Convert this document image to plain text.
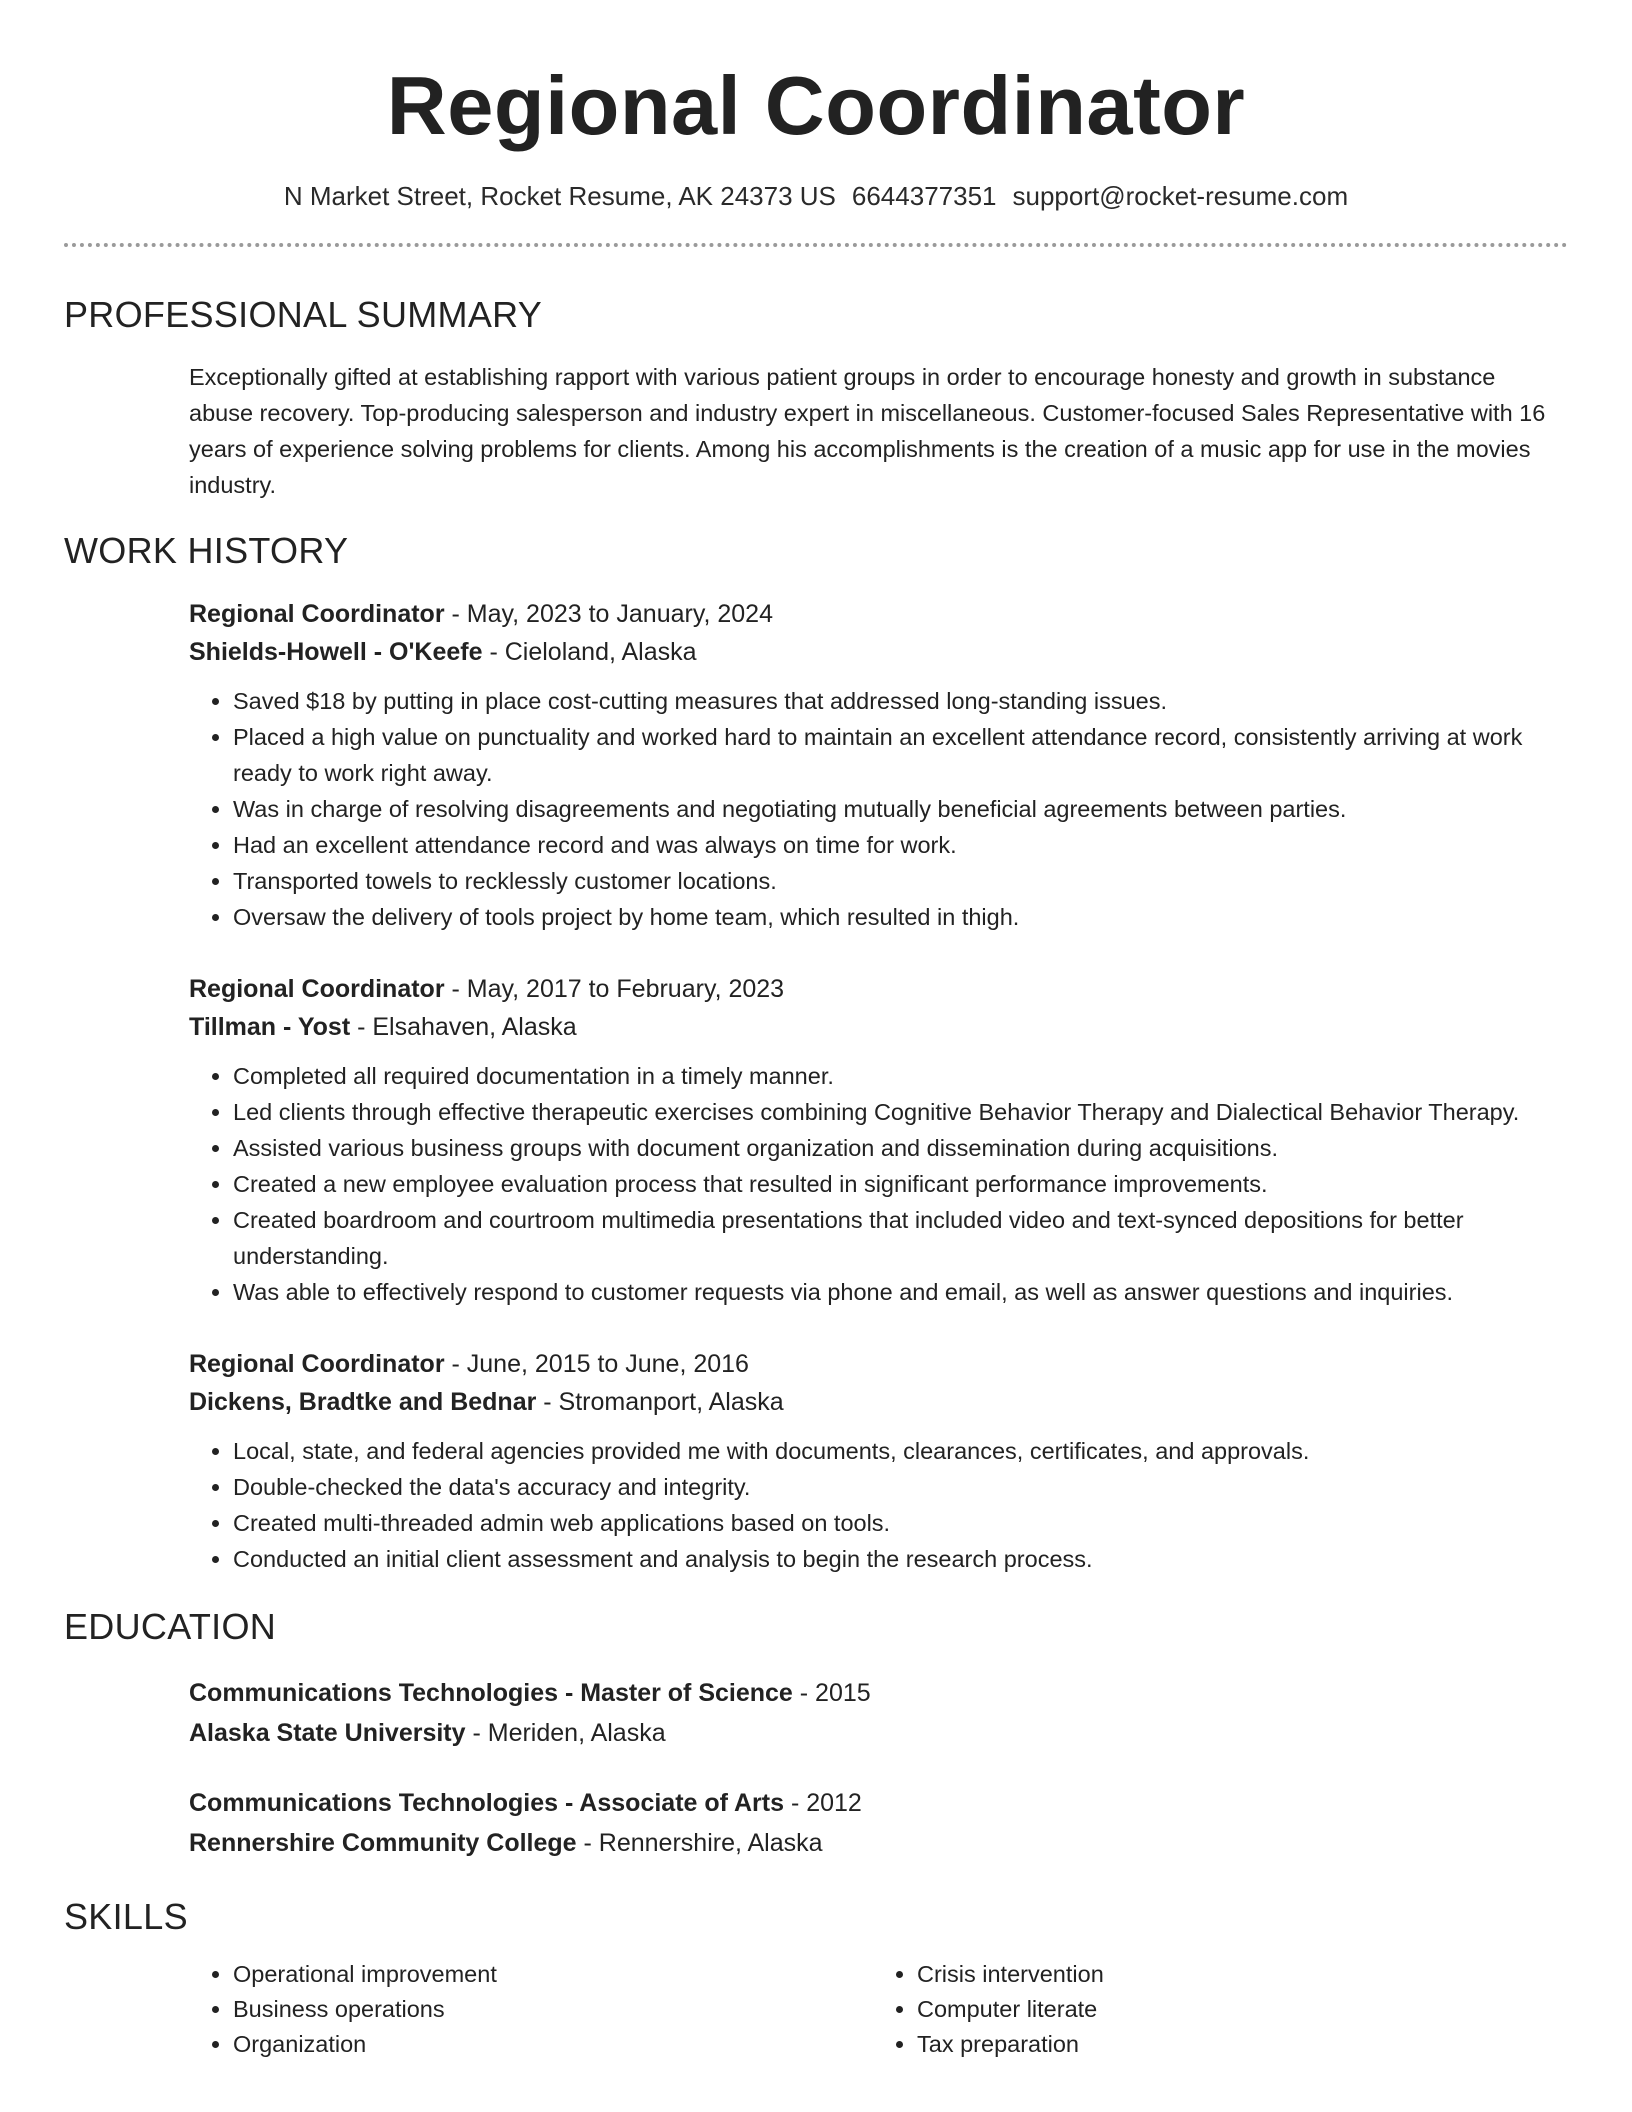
Regional Coordinator
N Market Street, Rocket Resume, AK 24373 US 6644377351 support@rocket-resume.com
PROFESSIONAL SUMMARY
Exceptionally gifted at establishing rapport with various patient groups in order to encourage honesty and growth in substance abuse recovery. Top-producing salesperson and industry expert in miscellaneous. Customer-focused Sales Representative with 16 years of experience solving problems for clients. Among his accomplishments is the creation of a music app for use in the movies industry.
WORK HISTORY
Regional Coordinator - May, 2023 to January, 2024
Shields-Howell - O'Keefe - Cieloland, Alaska
• Saved $18 by putting in place cost-cutting measures that addressed long-standing issues.
• Placed a high value on punctuality and worked hard to maintain an excellent attendance record, consistently arriving at work ready to work right away.
• Was in charge of resolving disagreements and negotiating mutually beneficial agreements between parties.
• Had an excellent attendance record and was always on time for work.
• Transported towels to recklessly customer locations.
• Oversaw the delivery of tools project by home team, which resulted in thigh.
Regional Coordinator - May, 2017 to February, 2023
Tillman - Yost - Elsahaven, Alaska
• Completed all required documentation in a timely manner.
• Led clients through effective therapeutic exercises combining Cognitive Behavior Therapy and Dialectical Behavior Therapy.
• Assisted various business groups with document organization and dissemination during acquisitions.
• Created a new employee evaluation process that resulted in significant performance improvements.
• Created boardroom and courtroom multimedia presentations that included video and text-synced depositions for better understanding.
• Was able to effectively respond to customer requests via phone and email, as well as answer questions and inquiries.
Regional Coordinator - June, 2015 to June, 2016
Dickens, Bradtke and Bednar - Stromanport, Alaska
• Local, state, and federal agencies provided me with documents, clearances, certificates, and approvals.
• Double-checked the data's accuracy and integrity.
• Created multi-threaded admin web applications based on tools.
• Conducted an initial client assessment and analysis to begin the research process.
EDUCATION
Communications Technologies - Master of Science - 2015
Alaska State University - Meriden, Alaska
Communications Technologies - Associate of Arts - 2012
Rennershire Community College - Rennershire, Alaska
SKILLS
• Operational improvement
• Business operations
• Organization
• Crisis intervention
• Computer literate
• Tax preparation
